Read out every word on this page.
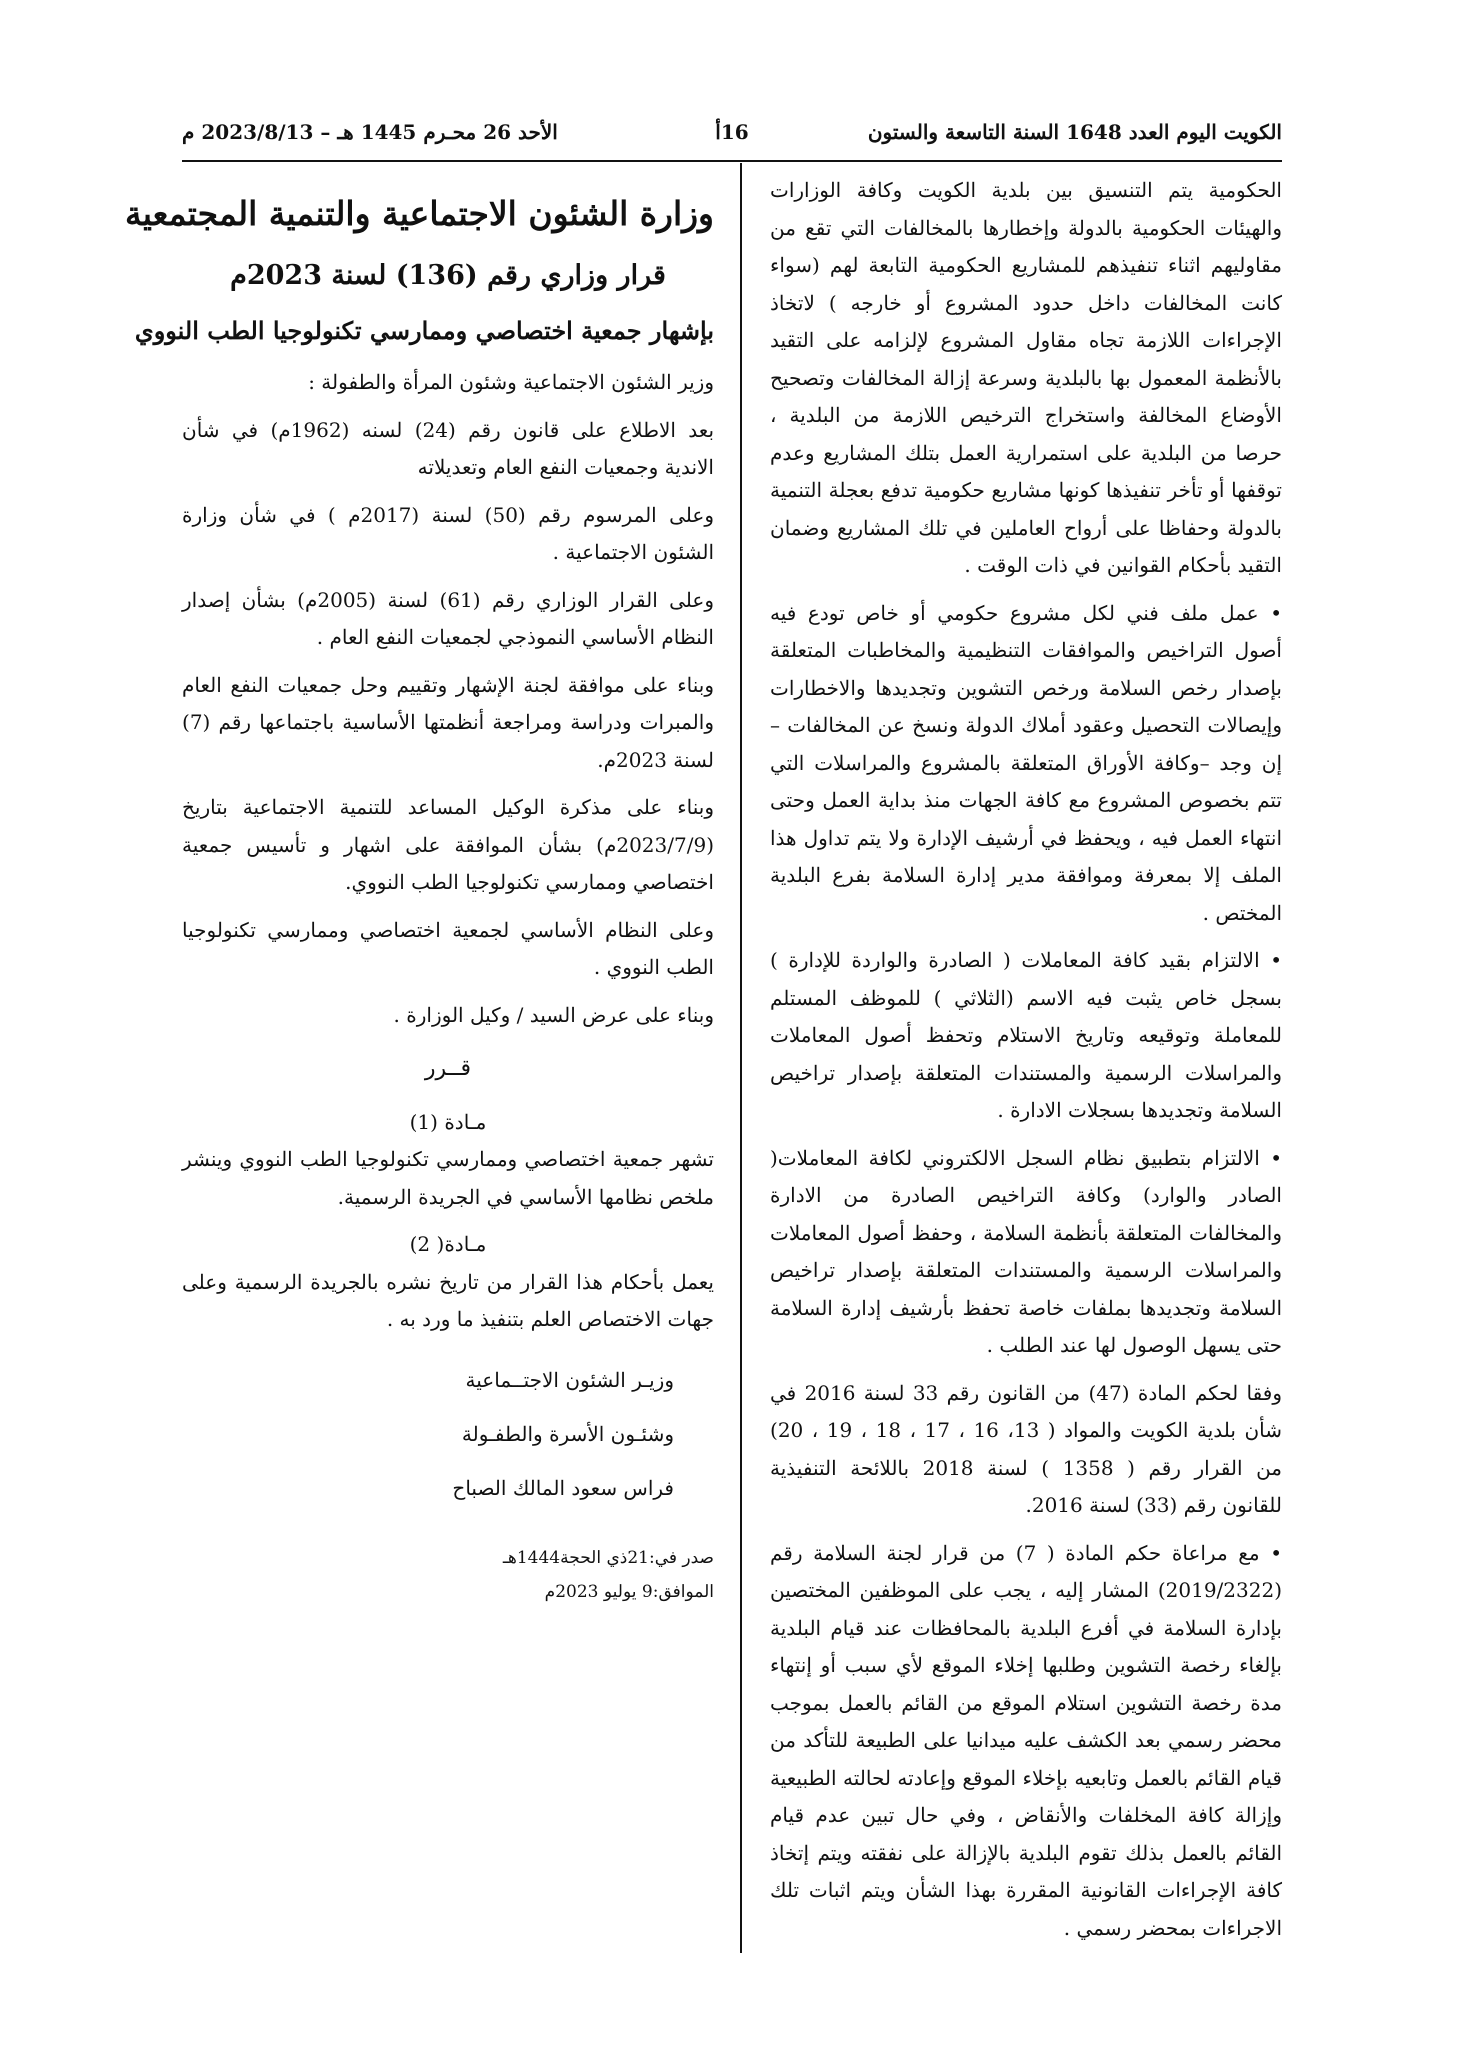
الكويت اليوم العدد 1648 السنة التاسعة والستون
16أ
الأحد 26 محـرم 1445 هـ – 2023/8/13 م

الحكومية يتم التنسيق بين بلدية الكويت وكافة الوزارات والهيئات الحكومية بالدولة وإخطارها بالمخالفات التي تقع من مقاوليهم اثناء تنفيذهم للمشاريع الحكومية التابعة لهم (سواء كانت المخالفات داخل حدود المشروع أو خارجه ) لاتخاذ الإجراءات اللازمة تجاه مقاول المشروع لإلزامه على التقيد بالأنظمة المعمول بها بالبلدية وسرعة إزالة المخالفات وتصحيح الأوضاع المخالفة واستخراج الترخيص اللازمة من البلدية ، حرصا من البلدية على استمرارية العمل بتلك المشاريع وعدم توقفها أو تأخر تنفيذها كونها مشاريع حكومية تدفع بعجلة التنمية بالدولة وحفاظا على أرواح العاملين في تلك المشاريع وضمان التقيد بأحكام القوانين في ذات الوقت .

• عمل ملف فني لكل مشروع حكومي أو خاص تودع فيه أصول التراخيص والموافقات التنظيمية والمخاطبات المتعلقة بإصدار رخص السلامة ورخص التشوين وتجديدها والاخطارات وإيصالات التحصيل وعقود أملاك الدولة ونسخ عن المخالفات – إن وجد –وكافة الأوراق المتعلقة بالمشروع والمراسلات التي تتم بخصوص المشروع مع كافة الجهات منذ بداية العمل وحتى انتهاء العمل فيه ، ويحفظ في أرشيف الإدارة ولا يتم تداول هذا الملف إلا بمعرفة وموافقة مدير إدارة السلامة بفرع البلدية المختص .

• الالتزام بقيد كافة المعاملات ( الصادرة والواردة للإدارة ) بسجل خاص يثبت فيه الاسم (الثلاثي ) للموظف المستلم للمعاملة وتوقيعه وتاريخ الاستلام وتحفظ أصول المعاملات والمراسلات الرسمية والمستندات المتعلقة بإصدار تراخيص السلامة وتجديدها بسجلات الادارة .

• الالتزام بتطبيق نظام السجل الالكتروني لكافة المعاملات( الصادر والوارد) وكافة التراخيص الصادرة من الادارة والمخالفات المتعلقة بأنظمة السلامة ، وحفظ أصول المعاملات والمراسلات الرسمية والمستندات المتعلقة بإصدار تراخيص السلامة وتجديدها بملفات خاصة تحفظ بأرشيف إدارة السلامة حتى يسهل الوصول لها عند الطلب .

وفقا لحكم المادة (47) من القانون رقم 33 لسنة 2016 في شأن بلدية الكويت والمواد ( 13، 16 ، 17 ، 18 ، 19 ، 20) من القرار رقم ( 1358 ) لسنة 2018 باللائحة التنفيذية للقانون رقم (33) لسنة 2016.

• مع مراعاة حكم المادة ( 7) من قرار لجنة السلامة رقم (2019/2322) المشار إليه ، يجب على الموظفين المختصين بإدارة السلامة في أفرع البلدية بالمحافظات عند قيام البلدية بإلغاء رخصة التشوين وطلبها إخلاء الموقع لأي سبب أو إنتهاء مدة رخصة التشوين استلام الموقع من القائم بالعمل بموجب محضر رسمي بعد الكشف عليه ميدانيا على الطبيعة للتأكد من قيام القائم بالعمل وتابعيه بإخلاء الموقع وإعادته لحالته الطبيعية وإزالة كافة المخلفات والأنقاض ، وفي حال تبين عدم قيام القائم بالعمل بذلك تقوم البلدية بالإزالة على نفقته ويتم إتخاذ كافة الإجراءات القانونية المقررة بهذا الشأن ويتم اثبات تلك الاجراءات بمحضر رسمي .

وزارة الشئون الاجتماعية والتنمية المجتمعية
قرار وزاري رقم (136) لسنة 2023م
بإشهار جمعية اختصاصي وممارسي تكنولوجيا الطب النووي

وزير الشئون الاجتماعية وشئون المرأة والطفولة :

بعد الاطلاع على قانون رقم (24) لسنه (1962م) في شأن الاندية وجمعيات النفع العام وتعديلاته

وعلى المرسوم رقم (50) لسنة (2017م ) في شأن وزارة الشئون الاجتماعية .

وعلى القرار الوزاري رقم (61) لسنة (2005م) بشأن إصدار النظام الأساسي النموذجي لجمعيات النفع العام .

وبناء على موافقة لجنة الإشهار وتقييم وحل جمعيات النفع العام والمبرات ودراسة ومراجعة أنظمتها الأساسية باجتماعها رقم (7) لسنة 2023م.

وبناء على مذكرة الوكيل المساعد للتنمية الاجتماعية بتاريخ (2023/7/9م) بشأن الموافقة على اشهار و تأسيس جمعية اختصاصي وممارسي تكنولوجيا الطب النووي.

وعلى النظام الأساسي لجمعية اختصاصي وممارسي تكنولوجيا الطب النووي .

وبناء على عرض السيد / وكيل الوزارة .

قــرر
مـادة (1)

تشهر جمعية اختصاصي وممارسي تكنولوجيا الطب النووي وينشر ملخص نظامها الأساسي في الجريدة الرسمية.

مـادة( 2)

يعمل بأحكام هذا القرار من تاريخ نشره بالجريدة الرسمية وعلى جهات الاختصاص العلم بتنفيذ ما ورد به .

وزيـر الشئون الاجتــماعية
وشئـون الأسرة والطفـولة
فراس سعود المالك الصباح
صدر في:21ذي الحجة1444هـ
الموافق:9 يوليو 2023م
